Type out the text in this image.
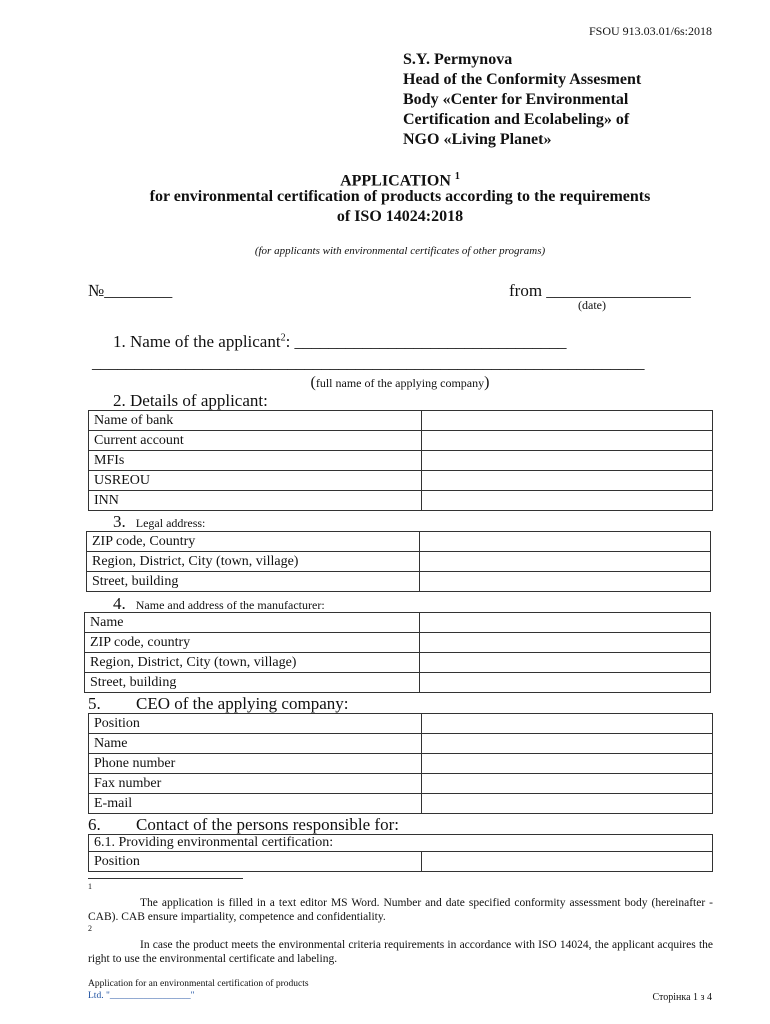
FSOU 913.03.01/6s:2018
S.Y. Permynova
Head of the Conformity Assesment
Body «Center for Environmental
Certification and Ecolabeling» of
NGO «Living Planet»
APPLICATION $^1$
for environmental certification of products according to the requirements
of ISO 14024:2018
(for applicants with environmental certificates of other programs)
№________	from _________________
(date)
1. Name of the applicant$^2$: ________________________________
_________________________________________________________________
(full name of the applying company)
2. Details of applicant:
Name of bank	
Current account	
MFIs	
USREOU	
INN	
3. Legal address:
ZIP code, Country	
Region, District, City (town, village)	
Street, building	
4. Name and address of the manufacturer:
Name	
ZIP code, country	
Region, District, City (town, village)	
Street, building	
5. CEO of the applying company:
Position	
Name	
Phone number	
Fax number	
E-mail	
6. Contact of the persons responsible for:
6.1. Providing environmental certification:
Position	
1
The application is filled in a text editor MS Word. Number and date specified conformity assessment body (hereinafter - CAB). CAB ensure impartiality, competence and confidentiality.
2
In case the product meets the environmental criteria requirements in accordance with ISO 14024, the applicant acquires the right to use the environmental certificate and labeling.
Application for an environmental certification of products
Ltd. "_________________"	Сторінка 1 з 4
